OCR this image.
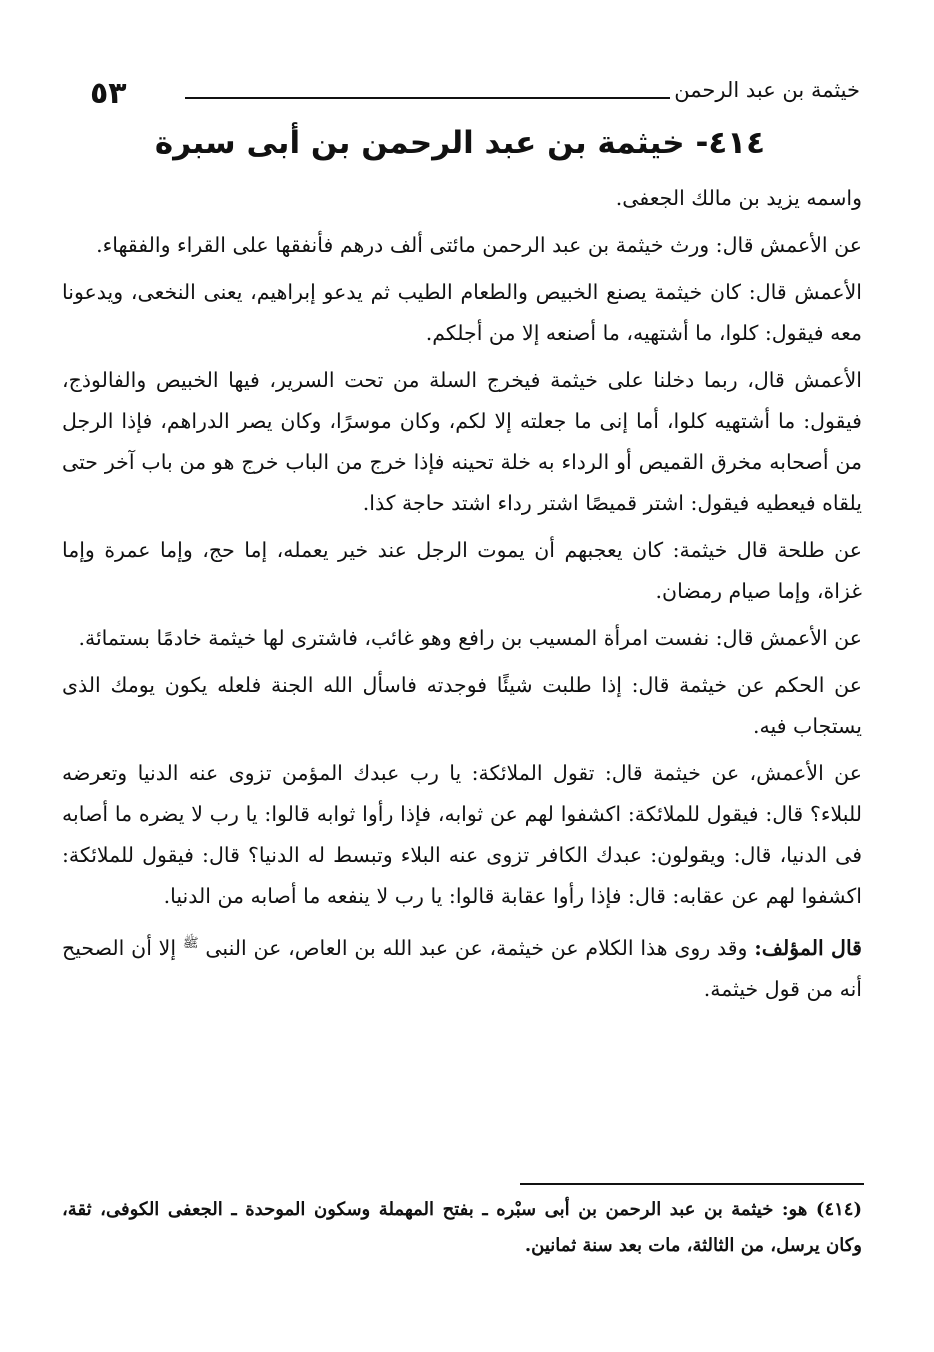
٥٣	خيثمة بن عبد الرحمن
٤١٤- خيثمة بن عبد الرحمن بن أبى سبرة

واسمه يزيد بن مالك الجعفى.

عن الأعمش قال: ورث خيثمة بن عبد الرحمن مائتى ألف درهم فأنفقها على القراء والفقهاء.

الأعمش قال: كان خيثمة يصنع الخبيص والطعام الطيب ثم يدعو إبراهيم، يعنى النخعى، ويدعونا معه فيقول: كلوا، ما أشتهيه، ما أصنعه إلا من أجلكم.

الأعمش قال، ربما دخلنا على خيثمة فيخرج السلة من تحت السرير، فيها الخبيص والفالوذج، فيقول: ما أشتهيه كلوا، أما إنى ما جعلته إلا لكم، وكان موسرًا، وكان يصر الدراهم، فإذا الرجل من أصحابه مخرق القميص أو الرداء به خلة تحينه فإذا خرج من الباب خرج هو من باب آخر حتى يلقاه فيعطيه فيقول: اشتر قميصًا اشتر رداء اشتد حاجة كذا.

عن طلحة قال خيثمة: كان يعجبهم أن يموت الرجل عند خير يعمله، إما حج، وإما عمرة وإما غزاة، وإما صيام رمضان.

عن الأعمش قال: نفست امرأة المسيب بن رافع وهو غائب، فاشترى لها خيثمة خادمًا بستمائة.

عن الحكم عن خيثمة قال: إذا طلبت شيئًا فوجدته فاسأل الله الجنة فلعله يكون يومك الذى يستجاب فيه.

عن الأعمش، عن خيثمة قال: تقول الملائكة: يا رب عبدك المؤمن تزوى عنه الدنيا وتعرضه للبلاء؟ قال: فيقول للملائكة: اكشفوا لهم عن ثوابه، فإذا رأوا ثوابه قالوا: يا رب لا يضره ما أصابه فى الدنيا، قال: ويقولون: عبدك الكافر تزوى عنه البلاء وتبسط له الدنيا؟ قال: فيقول للملائكة: اكشفوا لهم عن عقابه: قال: فإذا رأوا عقابة قالوا: يا رب لا ينفعه ما أصابه من الدنيا.

قال المؤلف: وقد روى هذا الكلام عن خيثمة، عن عبد الله بن العاص، عن النبى $^ﷺ$ إلا أن الصحيح أنه من قول خيثمة.

(٤١٤) هو: خيثمة بن عبد الرحمن بن أبى سبْره ـ بفتح المهملة وسكون الموحدة ـ الجعفى الكوفى، ثقة، وكان يرسل، من الثالثة، مات بعد سنة ثمانين.
